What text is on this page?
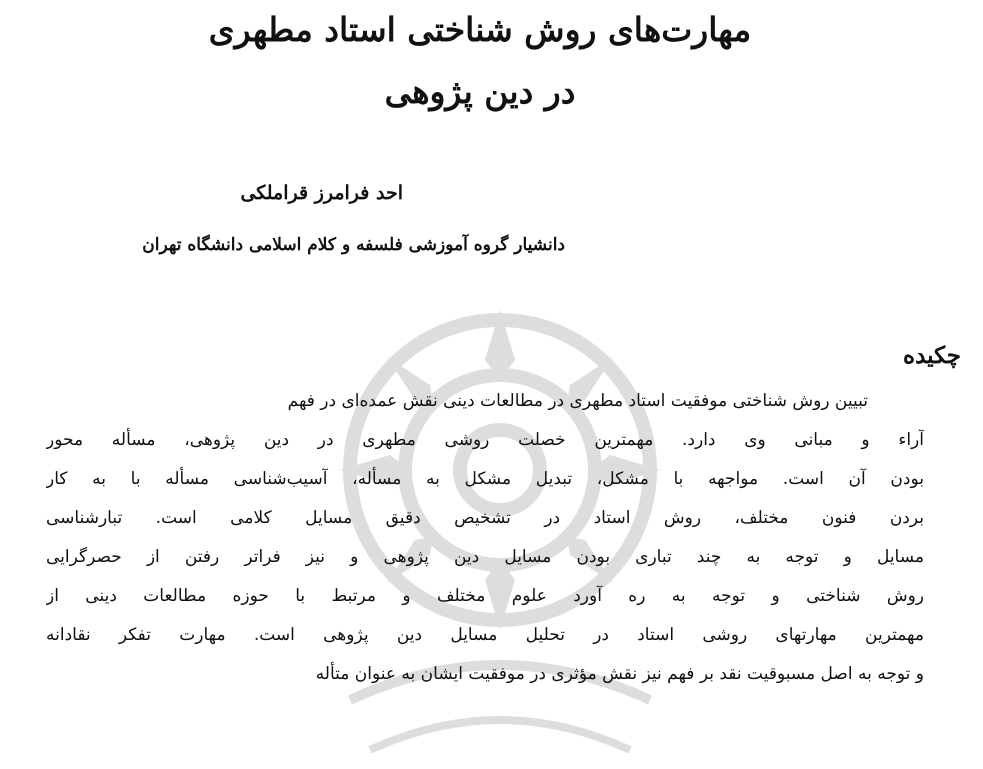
مهارت‌های روش شناختی استاد مطهری
در دین پژوهی

احد فرامرز قراملکی

دانشیار گروه آموزشی فلسفه و کلام اسلامی دانشگاه تهران

چکیده
تبیین روش شناختی موفقیت استاد مطهری در مطالعات دینی نقش عمده‌ای در فهم
آراء و مبانی وی دارد. مهمترین خصلت روشی مطهری در دین پژوهی، مسأله محور
بودن آن است. مواجهه با مشکل، تبدیل مشکل به مسأله، آسیب‌شناسی مسأله با به کار
بردن فنون مختلف، روش استاد در تشخیص دقیق مسایل کلامی است. تبارشناسی
مسایل و توجه به چند تباری بودن مسایل دین پژوهی و نیز فراتر رفتن از حصرگرایی
روش شناختی و توجه به ره آورد علوم مختلف و مرتبط با حوزه مطالعات دینی از
مهمترین مهارتهای روشی استاد در تحلیل مسایل دین پژوهی است. مهارت تفکر نقادانه
و توجه به اصل مسبوقیت نقد بر فهم نیز نقش مؤثری در موفقیت ایشان به عنوان متأله
